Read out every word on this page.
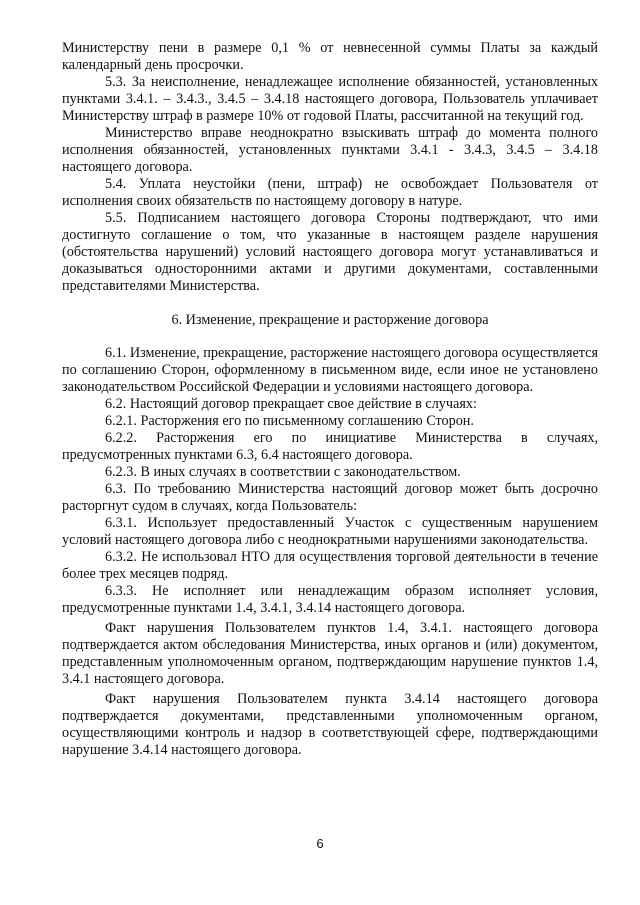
Министерству пени в размере 0,1 % от невнесенной суммы Платы за каждый календарный день просрочки.

5.3. За неисполнение, ненадлежащее исполнение обязанностей, установленных пунктами 3.4.1. – 3.4.3., 3.4.5 – 3.4.18 настоящего договора, Пользователь уплачивает Министерству штраф в размере 10% от годовой Платы, рассчитанной на текущий год.

Министерство вправе неоднократно взыскивать штраф до момента полного исполнения обязанностей, установленных пунктами 3.4.1 - 3.4.3, 3.4.5 – 3.4.18 настоящего договора.

5.4. Уплата неустойки (пени, штраф) не освобождает Пользователя от исполнения своих обязательств по настоящему договору в натуре.

5.5. Подписанием настоящего договора Стороны подтверждают, что ими достигнуто соглашение о том, что указанные в настоящем разделе нарушения (обстоятельства нарушений) условий настоящего договора могут устанавливаться и доказываться односторонними актами и другими документами, составленными представителями Министерства.

6. Изменение, прекращение и расторжение договора

6.1. Изменение, прекращение, расторжение настоящего договора осуществляется по соглашению Сторон, оформленному в письменном виде, если иное не установлено законодательством Российской Федерации и условиями настоящего договора.

6.2. Настоящий договор прекращает свое действие в случаях:

6.2.1. Расторжения его по письменному соглашению Сторон.

6.2.2. Расторжения его по инициативе Министерства в случаях, предусмотренных пунктами 6.3, 6.4 настоящего договора.

6.2.3. В иных случаях в соответствии с законодательством.

6.3. По требованию Министерства настоящий договор может быть досрочно расторгнут судом в случаях, когда Пользователь:

6.3.1. Использует предоставленный Участок с существенным нарушением условий настоящего договора либо с неоднократными нарушениями законодательства.

6.3.2. Не использовал НТО для осуществления торговой деятельности в течение более трех месяцев подряд.

6.3.3. Не исполняет или ненадлежащим образом исполняет условия, предусмотренные пунктами 1.4, 3.4.1, 3.4.14 настоящего договора.

Факт нарушения Пользователем пунктов 1.4, 3.4.1. настоящего договора подтверждается актом обследования Министерства, иных органов и (или) документом, представленным уполномоченным органом, подтверждающим нарушение пунктов 1.4, 3.4.1 настоящего договора.

Факт нарушения Пользователем пункта 3.4.14 настоящего договора подтверждается документами, представленными уполномоченным органом, осуществляющими контроль и надзор в соответствующей сфере, подтверждающими нарушение 3.4.14 настоящего договора.

6
